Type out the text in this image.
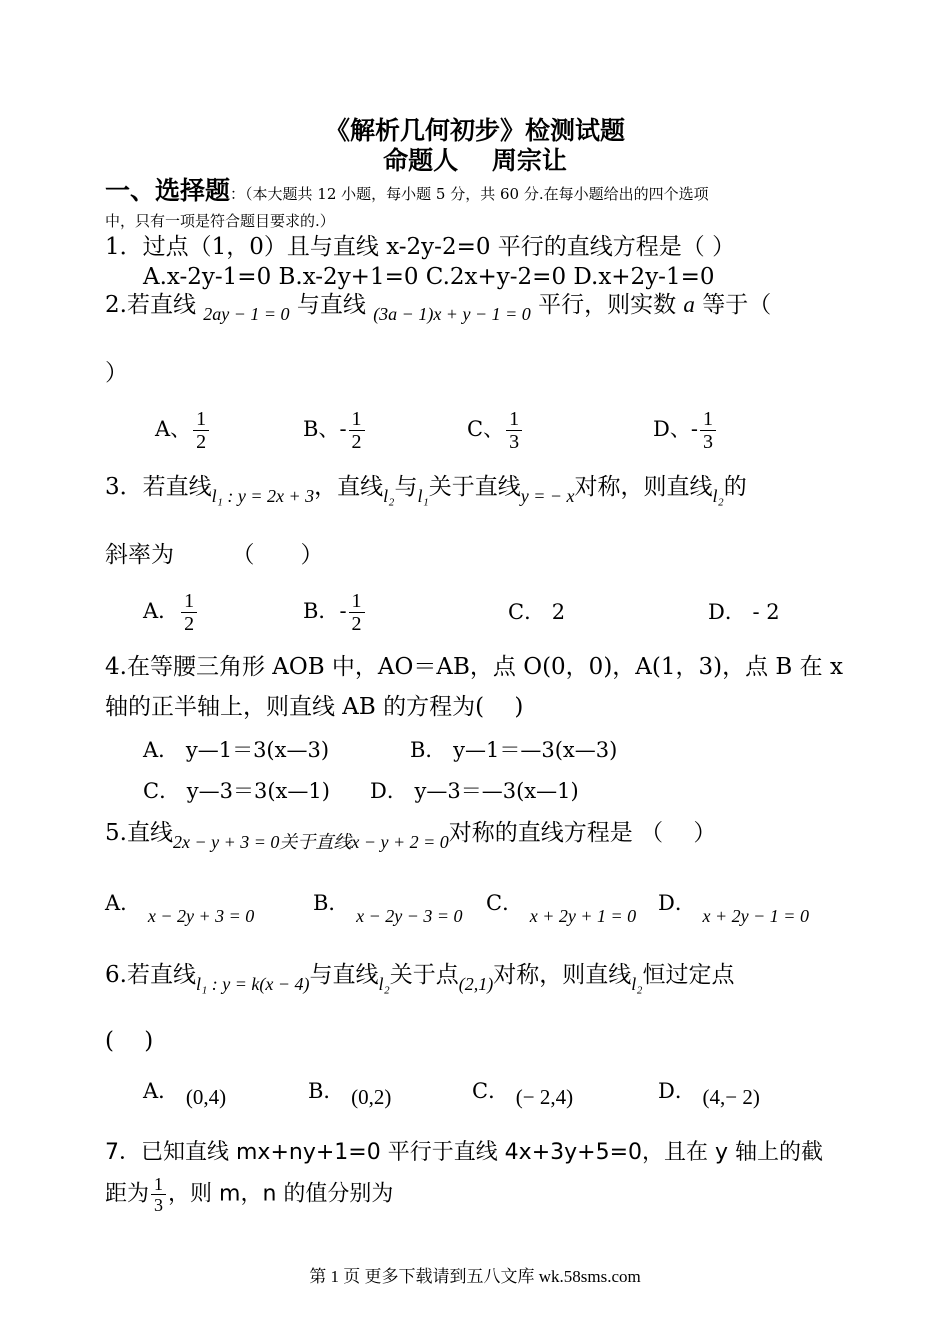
《解析几何初步》检测试题
命题人　 周宗让
一、选择题：（本大题共 12 小题，每小题 5 分，共 60 分.在每小题给出的四个选项
中，只有一项是符合题目要求的.）
1．过点（1，0）且与直线 x-2y-2=0 平行的直线方程是（ ）
A.x-2y-1=0 B.x-2y+1=0 C.2x+y-2=0 D.x+2y-1=0
2.若直线 $_{2ay - 1 = 0}$ 与直线 $_{(3a - 1)x + y - 1 = 0}$ 平行，则实数 a 等于（
）
A、 $\frac{1}{2}$	B、- $\frac{1}{2}$	C、 $\frac{1}{3}$	D、- $\frac{1}{3}$
3．若直线$_{l_1 : y = 2x + 3}$，直线$_{l_2}$与$_{l_1}$关于直线$_{y = - x}$对称，则直线$_{l_2}$的
斜率为　　　（　　）
A． $\frac{1}{2}$	B．- $\frac{1}{2}$	C． 2	D． - 2
4.在等腰三角形 AOB 中，AO＝AB，点 O(0，0)，A(1，3)，点 B 在 x
轴的正半轴上，则直线 AB 的方程为(　 )
A． y—1＝3(x—3)	B． y—1＝—3(x—3)
C． y—3＝3(x—1) D． y—3＝—3(x—1)
5.直线$_{2x - y + 3 = 0关于直线x - y + 2 = 0}$对称的直线方程是 （　 ）
A． x − 2y + 3 = 0
B． x − 2y − 3 = 0
C． x + 2y + 1 = 0
D． x + 2y − 1 = 0
6.若直线$_{l_1 : y = k(x - 4)}$与直线$_{l_2}$关于点$_{(2,1)}$对称，则直线$_{l_2}$恒过定点
(　 )
A． (0,4)	B． (0,2)	C． (− 2,4)	D． (4,− 2)
7．已知直线 mx+ny+1=0 平行于直线 4x+3y+5=0，且在 y 轴上的截
距为 $\frac{1}{3}$ ，则 m，n 的值分别为
第 1 页 更多下载请到五八文库 wk.58sms.com
